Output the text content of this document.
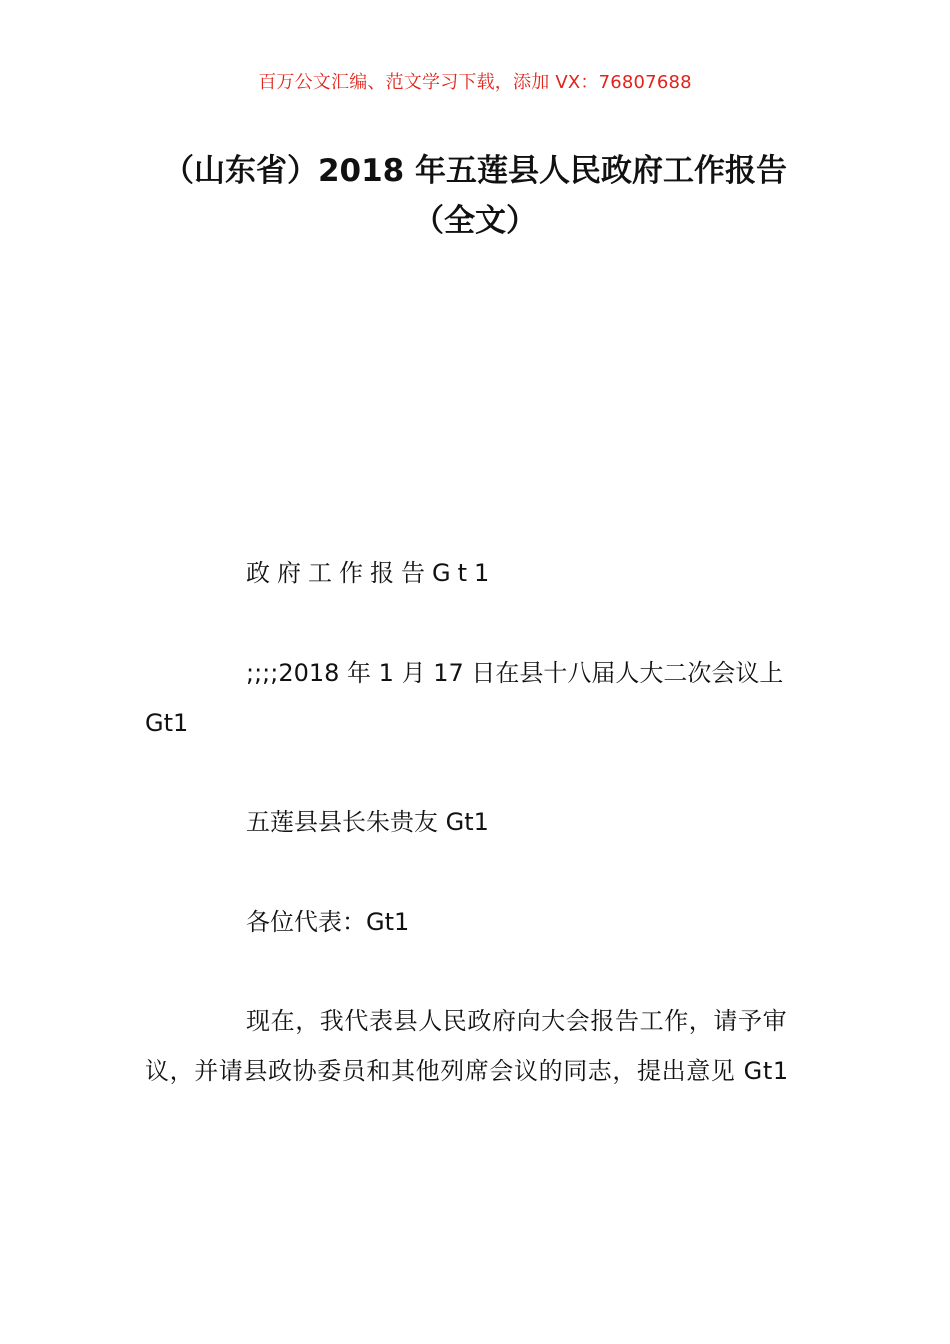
百万公文汇编、范文学习下载，添加 VX：76807688
（山东省）2018 年五莲县人民政府工作报告（全文）
政府工作报告Gt1
;;;;2018 年 1 月 17 日在县十八届人大二次会议上 Gt1
五莲县县长朱贵友 Gt1
各位代表：Gt1
现在，我代表县人民政府向大会报告工作，请予审议，并请县政协委员和其他列席会议的同志，提出意见 Gt1
